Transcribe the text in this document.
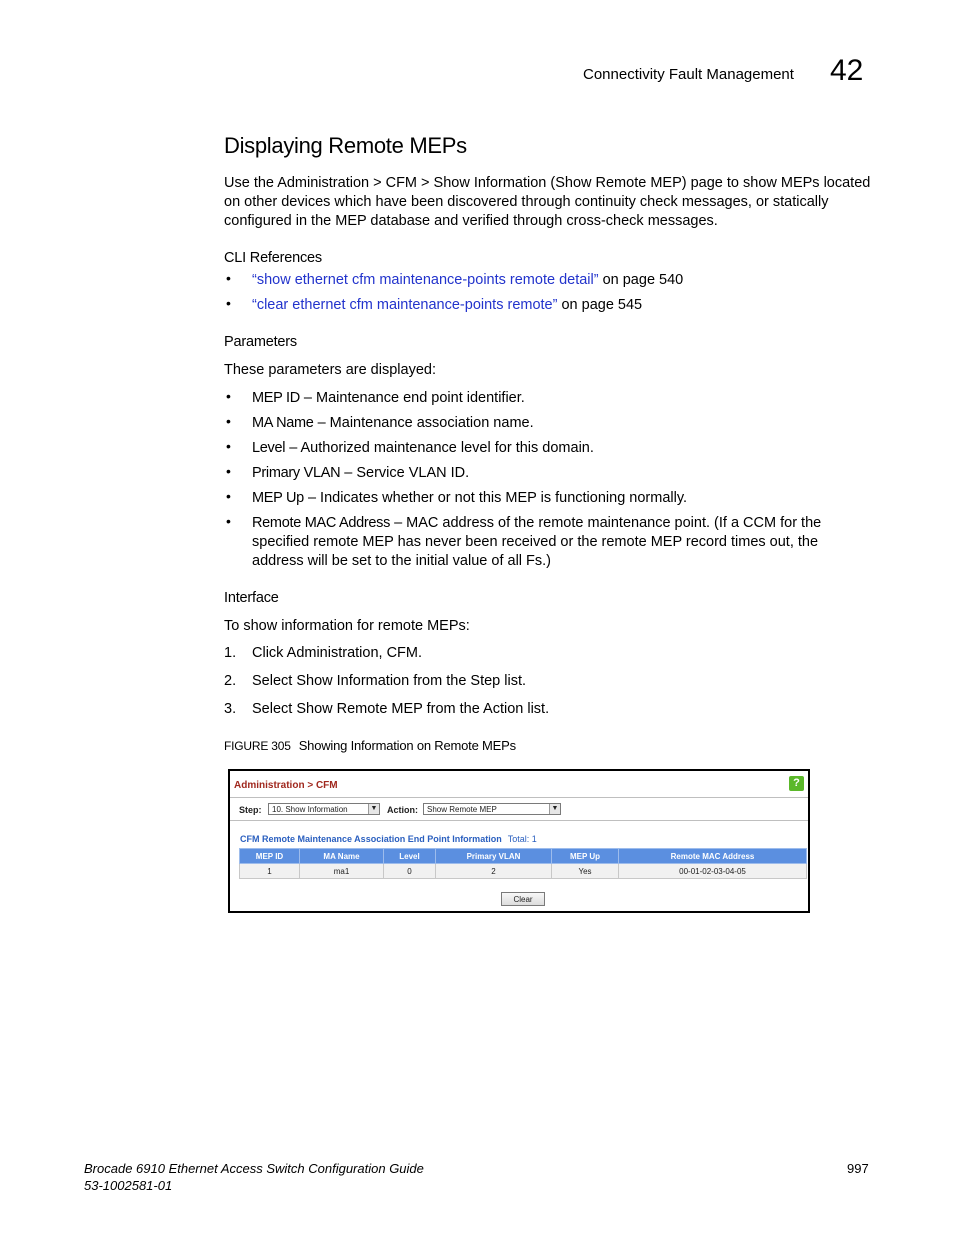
Connectivity Fault Management 42
Displaying Remote MEPs
Use the Administration > CFM > Show Information (Show Remote MEP) page to show MEPs located on other devices which have been discovered through continuity check messages, or statically configured in the MEP database and verified through cross-check messages.
CLI References
• “show ethernet cfm maintenance-points remote detail” on page 540
• “clear ethernet cfm maintenance-points remote” on page 545
Parameters
These parameters are displayed:
• MEP ID – Maintenance end point identifier.
• MA Name – Maintenance association name.
• Level – Authorized maintenance level for this domain.
• Primary VLAN – Service VLAN ID.
• MEP Up – Indicates whether or not this MEP is functioning normally.
• Remote MAC Address – MAC address of the remote maintenance point. (If a CCM for the specified remote MEP has never been received or the remote MEP record times out, the address will be set to the initial value of all Fs.)
Interface
To show information for remote MEPs:
1. Click Administration, CFM.
2. Select Show Information from the Step list.
3. Select Show Remote MEP from the Action list.
FIGURE 305 Showing Information on Remote MEPs
Administration > CFM	?
Step:	10. Show Information	▼ Action:	Show Remote MEP	▼
CFM Remote Maintenance Association End Point Information Total: 1
MEP ID	MA Name	Level	Primary VLAN	MEP Up	Remote MAC Address
1	ma1	0	2	Yes	00-01-02-03-04-05
Clear
Brocade 6910 Ethernet Access Switch Configuration Guide
53-1002581-01
997
